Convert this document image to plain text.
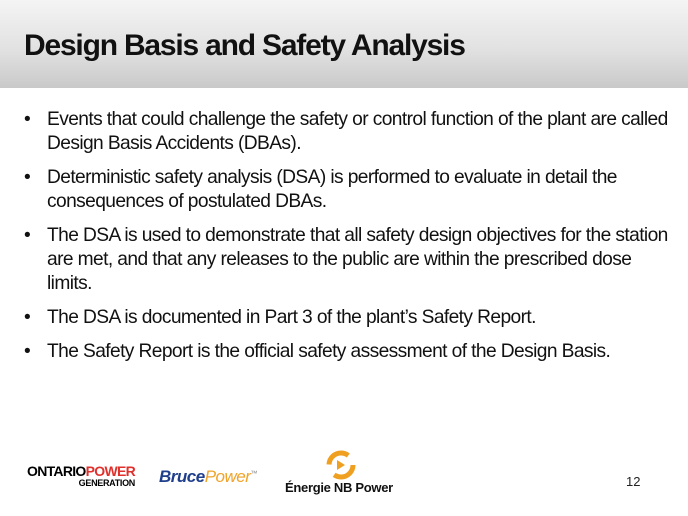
Design Basis and Safety Analysis
• Events that could challenge the safety or control function of the plant are called Design Basis Accidents (DBAs).
• Deterministic safety analysis (DSA) is performed to evaluate in detail the consequences of postulated DBAs.
• The DSA is used to demonstrate that all safety design objectives for the station are met, and that any releases to the public are within the prescribed dose limits.
• The DSA is documented in Part 3 of the plant’s Safety Report.
• The Safety Report is the official safety assessment of the Design Basis.
ONTARIOPOWER
GENERATION BrucePower™
Énergie NB Power	12
